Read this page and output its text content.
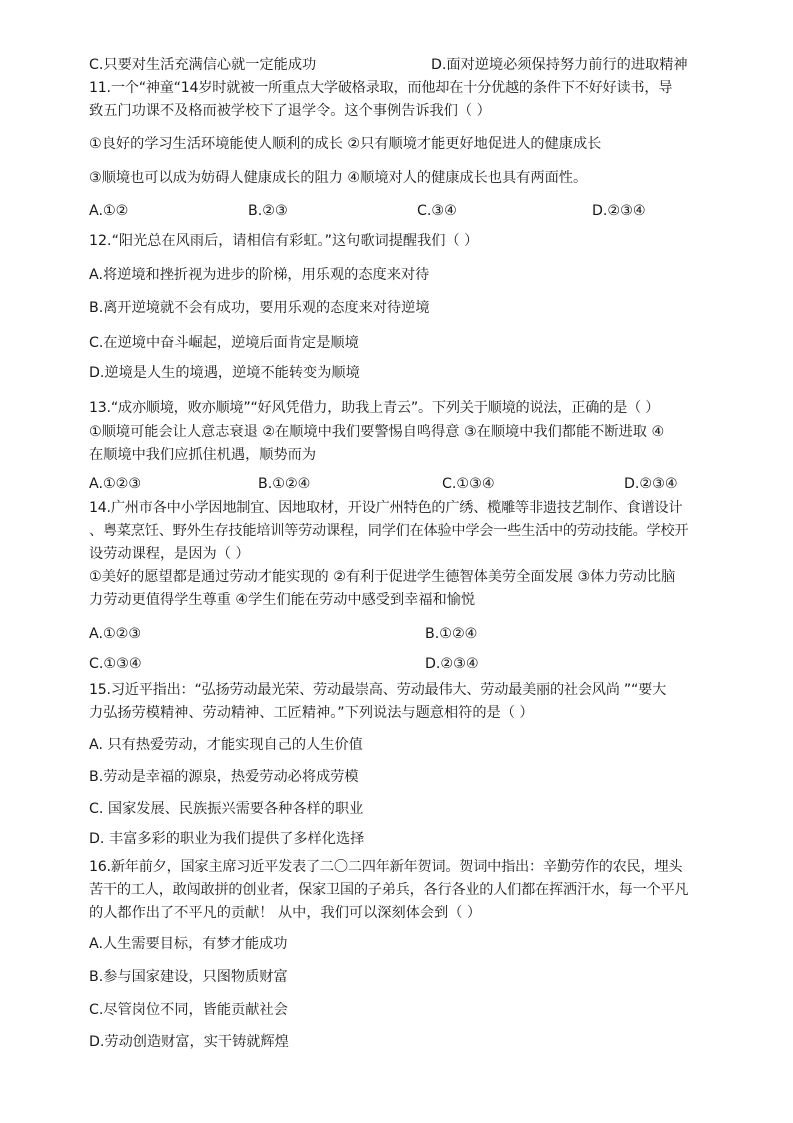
C.只要对生活充满信心就一定能成功	D.面对逆境必须保持努力前行的进取精神
11.一个“神童“14岁时就被一所重点大学破格录取，而他却在十分优越的条件下不好好读书，导
致五门功课不及格而被学校下了退学令。这个事例告诉我们（ ）
①良好的学习生活环境能使人顺利的成长 ②只有顺境才能更好地促进人的健康成长
③顺境也可以成为妨碍人健康成长的阻力 ④顺境对人的健康成长也具有两面性。
A.①②	B.②③	C.③④	D.②③④
12.“阳光总在风雨后，请相信有彩虹。”这句歌词提醒我们（ ）
A.将逆境和挫折视为进步的阶梯，用乐观的态度来对待
B.离开逆境就不会有成功，要用乐观的态度来对待逆境
C.在逆境中奋斗崛起，逆境后面肯定是顺境
D.逆境是人生的境遇，逆境不能转变为顺境
13.“成亦顺境，败亦顺境”“好风凭借力，助我上青云”。下列关于顺境的说法，正确的是（ ）
①顺境可能会让人意志衰退 ②在顺境中我们要警惕自鸣得意 ③在顺境中我们都能不断进取 ④
在顺境中我们应抓住机遇，顺势而为
A.①②③	B.①②④	C.①③④	D.②③④
14.广州市各中小学因地制宜、因地取材，开设广州特色的广绣、榄雕等非遗技艺制作、食谱设计
、粤菜烹饪、野外生存技能培训等劳动课程，同学们在体验中学会一些生活中的劳动技能。学校开
设劳动课程，是因为（ ）
①美好的愿望都是通过劳动才能实现的 ②有利于促进学生德智体美劳全面发展 ③体力劳动比脑
力劳动更值得学生尊重 ④学生们能在劳动中感受到幸福和愉悦
A.①②③	B.①②④
C.①③④	D.②③④
15.习近平指出：“弘扬劳动最光荣、劳动最崇高、劳动最伟大、劳动最美丽的社会风尚 ”“要大
力弘扬劳模精神、劳动精神、工匠精神。”下列说法与题意相符的是（ ）
A. 只有热爱劳动，才能实现自己的人生价值
B.劳动是幸福的源泉，热爱劳动必将成劳模
C. 国家发展、民族振兴需要各种各样的职业
D. 丰富多彩的职业为我们提供了多样化选择
16.新年前夕，国家主席习近平发表了二〇二四年新年贺词。贺词中指出：辛勤劳作的农民，埋头
苦干的工人，敢闯敢拼的创业者，保家卫国的子弟兵，各行各业的人们都在挥洒汗水，每一个平凡
的人都作出了不平凡的贡献！ 从中，我们可以深刻体会到（ ）
A.人生需要目标，有梦才能成功
B.参与国家建设，只图物质财富
C.尽管岗位不同，皆能贡献社会
D.劳动创造财富，实干铸就辉煌
